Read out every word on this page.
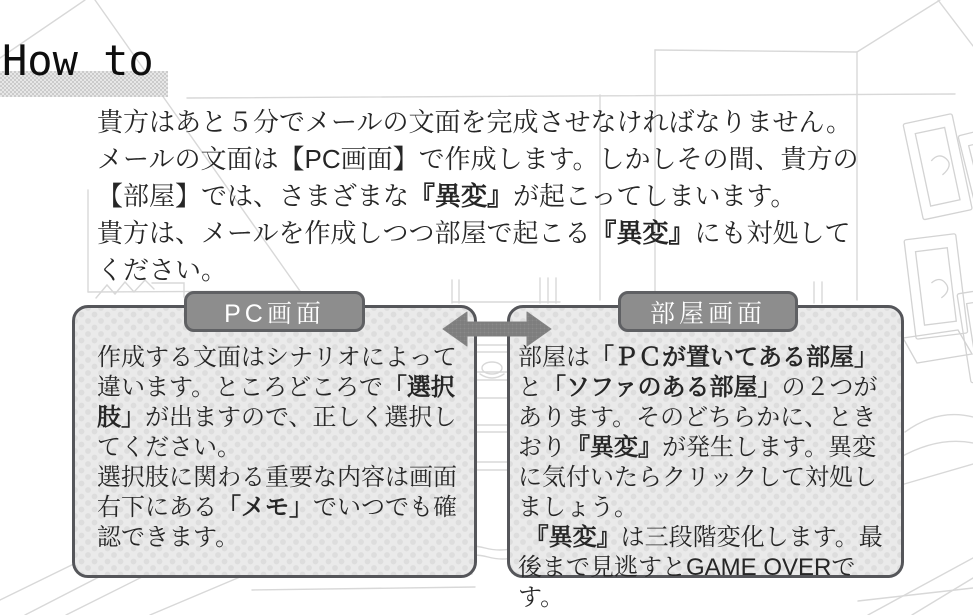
How to
貴方はあと５分でメールの文面を完成させなければなりません。
メールの文面は【PC画面】で作成します。しかしその間、貴方の
【部屋】では、さまざまな『異変』が起こってしまいます。
貴方は、メールを作成しつつ部屋で起こる『異変』にも対処して
ください。
作成する文面はシナリオによって
違います。ところどころで「選択
肢」が出ますので、正しく選択し
てください。
選択肢に関わる重要な内容は画面
右下にある「メモ」でいつでも確
認できます。
部屋は「ＰＣが置いてある部屋」
と「ソファのある部屋」の２つが
あります。そのどちらかに、とき
おり『異変』が発生します。異変
に気付いたらクリックして対処し
ましょう。
『異変』は三段階変化します。最
後まで見逃すとGAME OVERです。
PC画面	部屋画面
